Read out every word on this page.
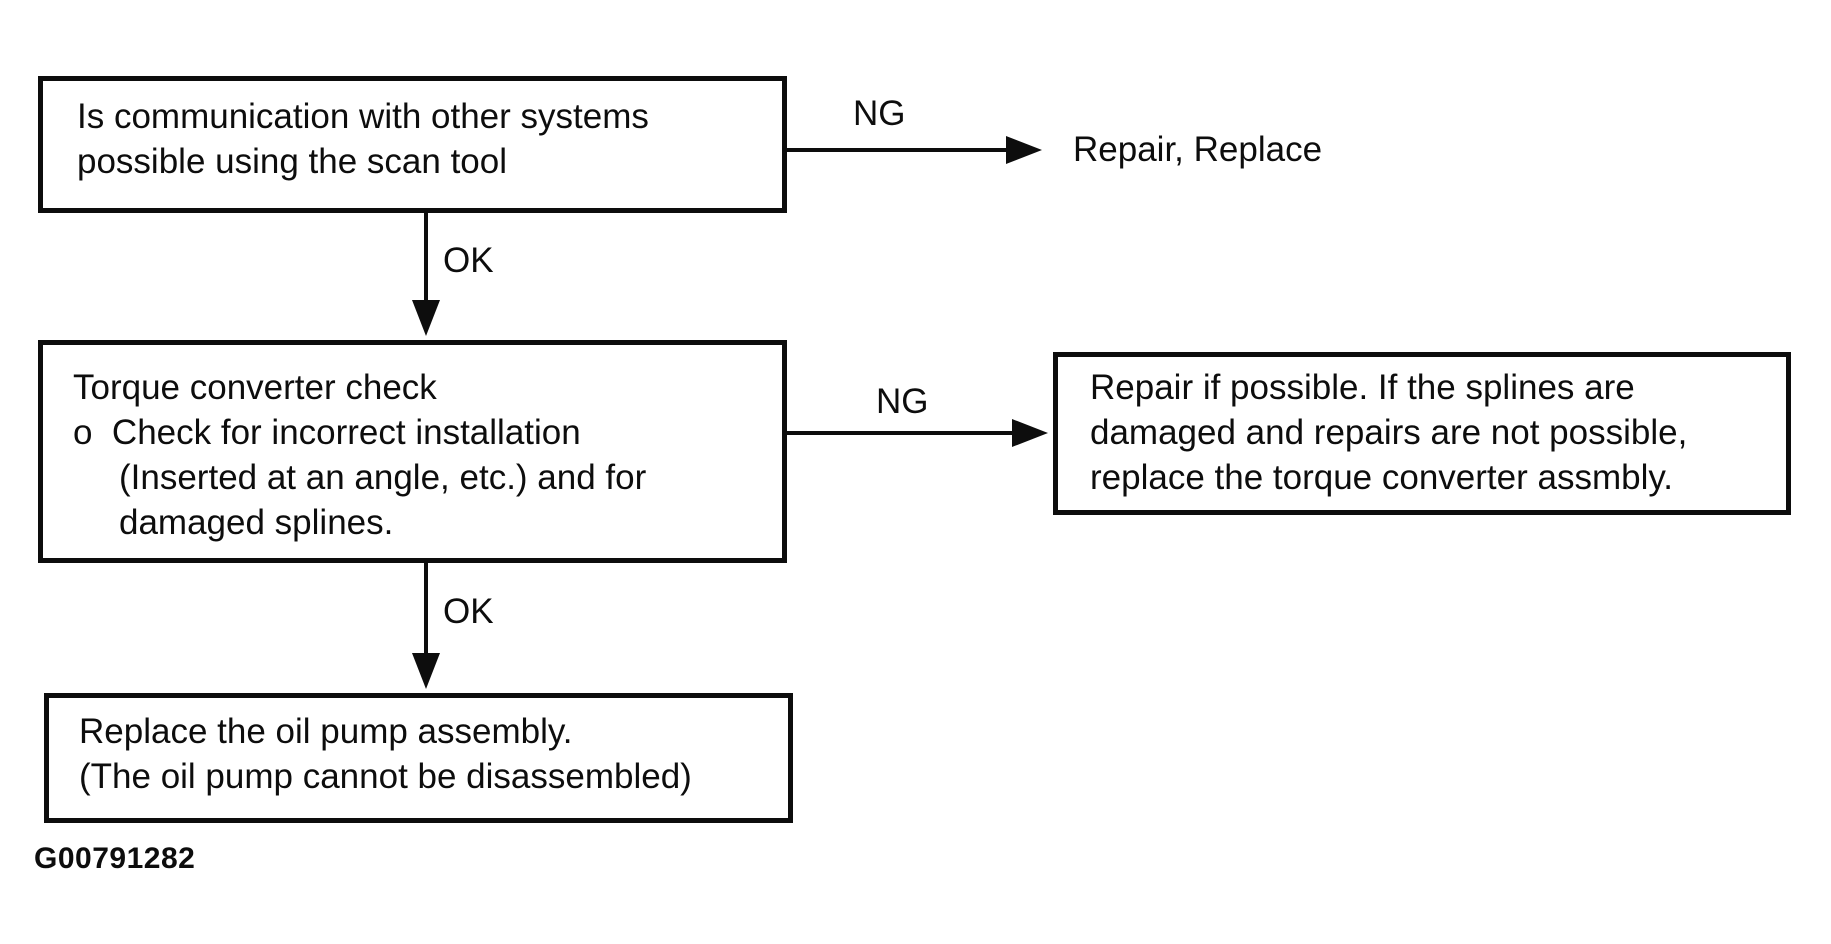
Is communication with other systems
possible using the scan tool
Torque converter check
o  Check for incorrect installation
(Inserted at an angle, etc.) and for
damaged splines.
Repair if possible. If the splines are
damaged and repairs are not possible,
replace the torque converter assmbly.
Replace the oil pump assembly.
(The oil pump cannot be disassembled)
NG
Repair, Replace
OK
NG
OK
G00791282
